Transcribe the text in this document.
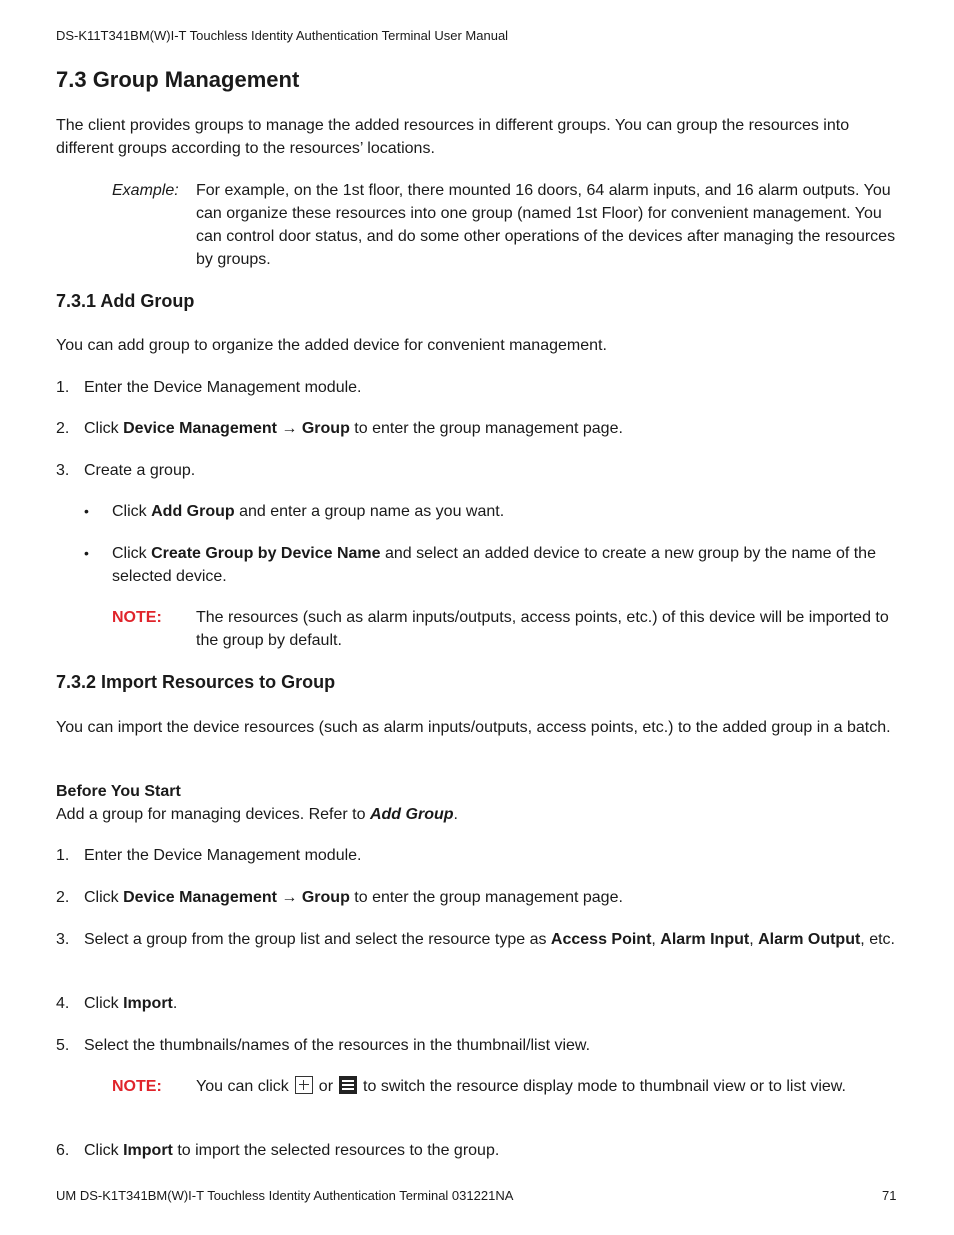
DS-K11T341BM(W)I-T Touchless Identity Authentication Terminal User Manual
7.3 Group Management
The client provides groups to manage the added resources in different groups. You can group the resources into different groups according to the resources’ locations.
Example: For example, on the 1st floor, there mounted 16 doors, 64 alarm inputs, and 16 alarm outputs. You can organize these resources into one group (named 1st Floor) for convenient management. You can control door status, and do some other operations of the devices after managing the resources by groups.
7.3.1 Add Group
You can add group to organize the added device for convenient management.
1. Enter the Device Management module.
2. Click Device Management → Group to enter the group management page.
3. Create a group.
• Click Add Group and enter a group name as you want.
• Click Create Group by Device Name and select an added device to create a new group by the name of the selected device.
NOTE: The resources (such as alarm inputs/outputs, access points, etc.) of this device will be imported to the group by default.
7.3.2 Import Resources to Group
You can import the device resources (such as alarm inputs/outputs, access points, etc.) to the added group in a batch.
Before You Start
Add a group for managing devices. Refer to Add Group.
1. Enter the Device Management module.
2. Click Device Management → Group to enter the group management page.
3. Select a group from the group list and select the resource type as Access Point, Alarm Input, Alarm Output, etc.
4. Click Import.
5. Select the thumbnails/names of the resources in the thumbnail/list view.
NOTE: You can click or to switch the resource display mode to thumbnail view or to list view.
6. Click Import to import the selected resources to the group.
UM DS-K1T341BM(W)I-T Touchless Identity Authentication Terminal 031221NA	71
